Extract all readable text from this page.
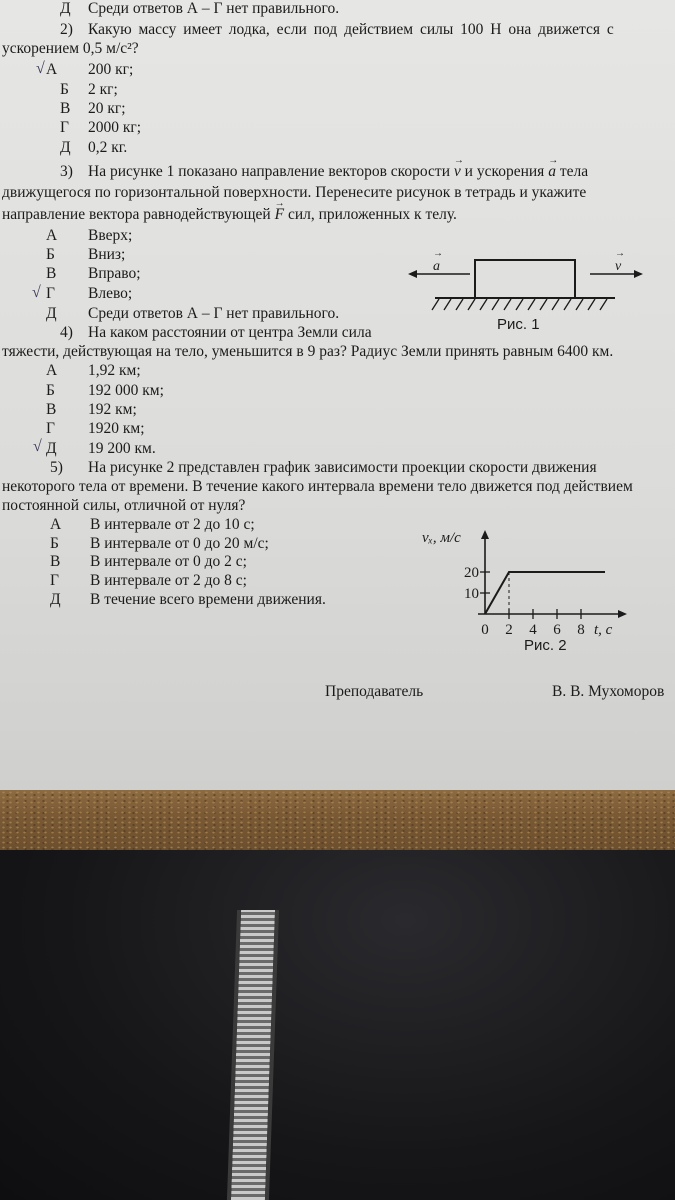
Д Среди ответов А – Г нет правильного.
2) Какую массу имеет лодка, если под действием силы 100 Н она движется с
ускорением 0,5 м/с²?
√ А 200 кг;
Б 2 кг;
В 20 кг;
Г 2000 кг;
Д 0,2 кг.
3) На рисунке 1 показано направление векторов скорости → v и ускорения → a тела
движущегося по горизонтальной поверхности. Перенесите рисунок в тетрадь и укажите
направление вектора равнодействующей → F сил, приложенных к телу.
А Вверх;
Б Вниз;
В Вправо;
√ Г Влево;
Д Среди ответов А – Г нет правильного.
→ a	→ v
Рис. 1
4) На каком расстоянии от центра Земли сила
тяжести, действующая на тело, уменьшится в 9 раз? Радиус Земли принять равным 6400 км.
А 1,92 км;
Б 192 000 км;
В 192 км;
Г 1920 км;
√ Д 19 200 км.
5) На рисунке 2 представлен график зависимости проекции скорости движения
некоторого тела от времени. В течение какого интервала времени тело движется под действием
постоянной силы, отличной от нуля?
А В интервале от 2 до 10 с;
Б В интервале от 0 до 20 м/с;
В В интервале от 0 до 2 с;
Г В интервале от 2 до 8 с;
Д В течение всего времени движения.
0 2 4 6 8
10
20
vₓ, м/с
t, с
Рис. 2
Преподаватель	В. В. Мухоморов
